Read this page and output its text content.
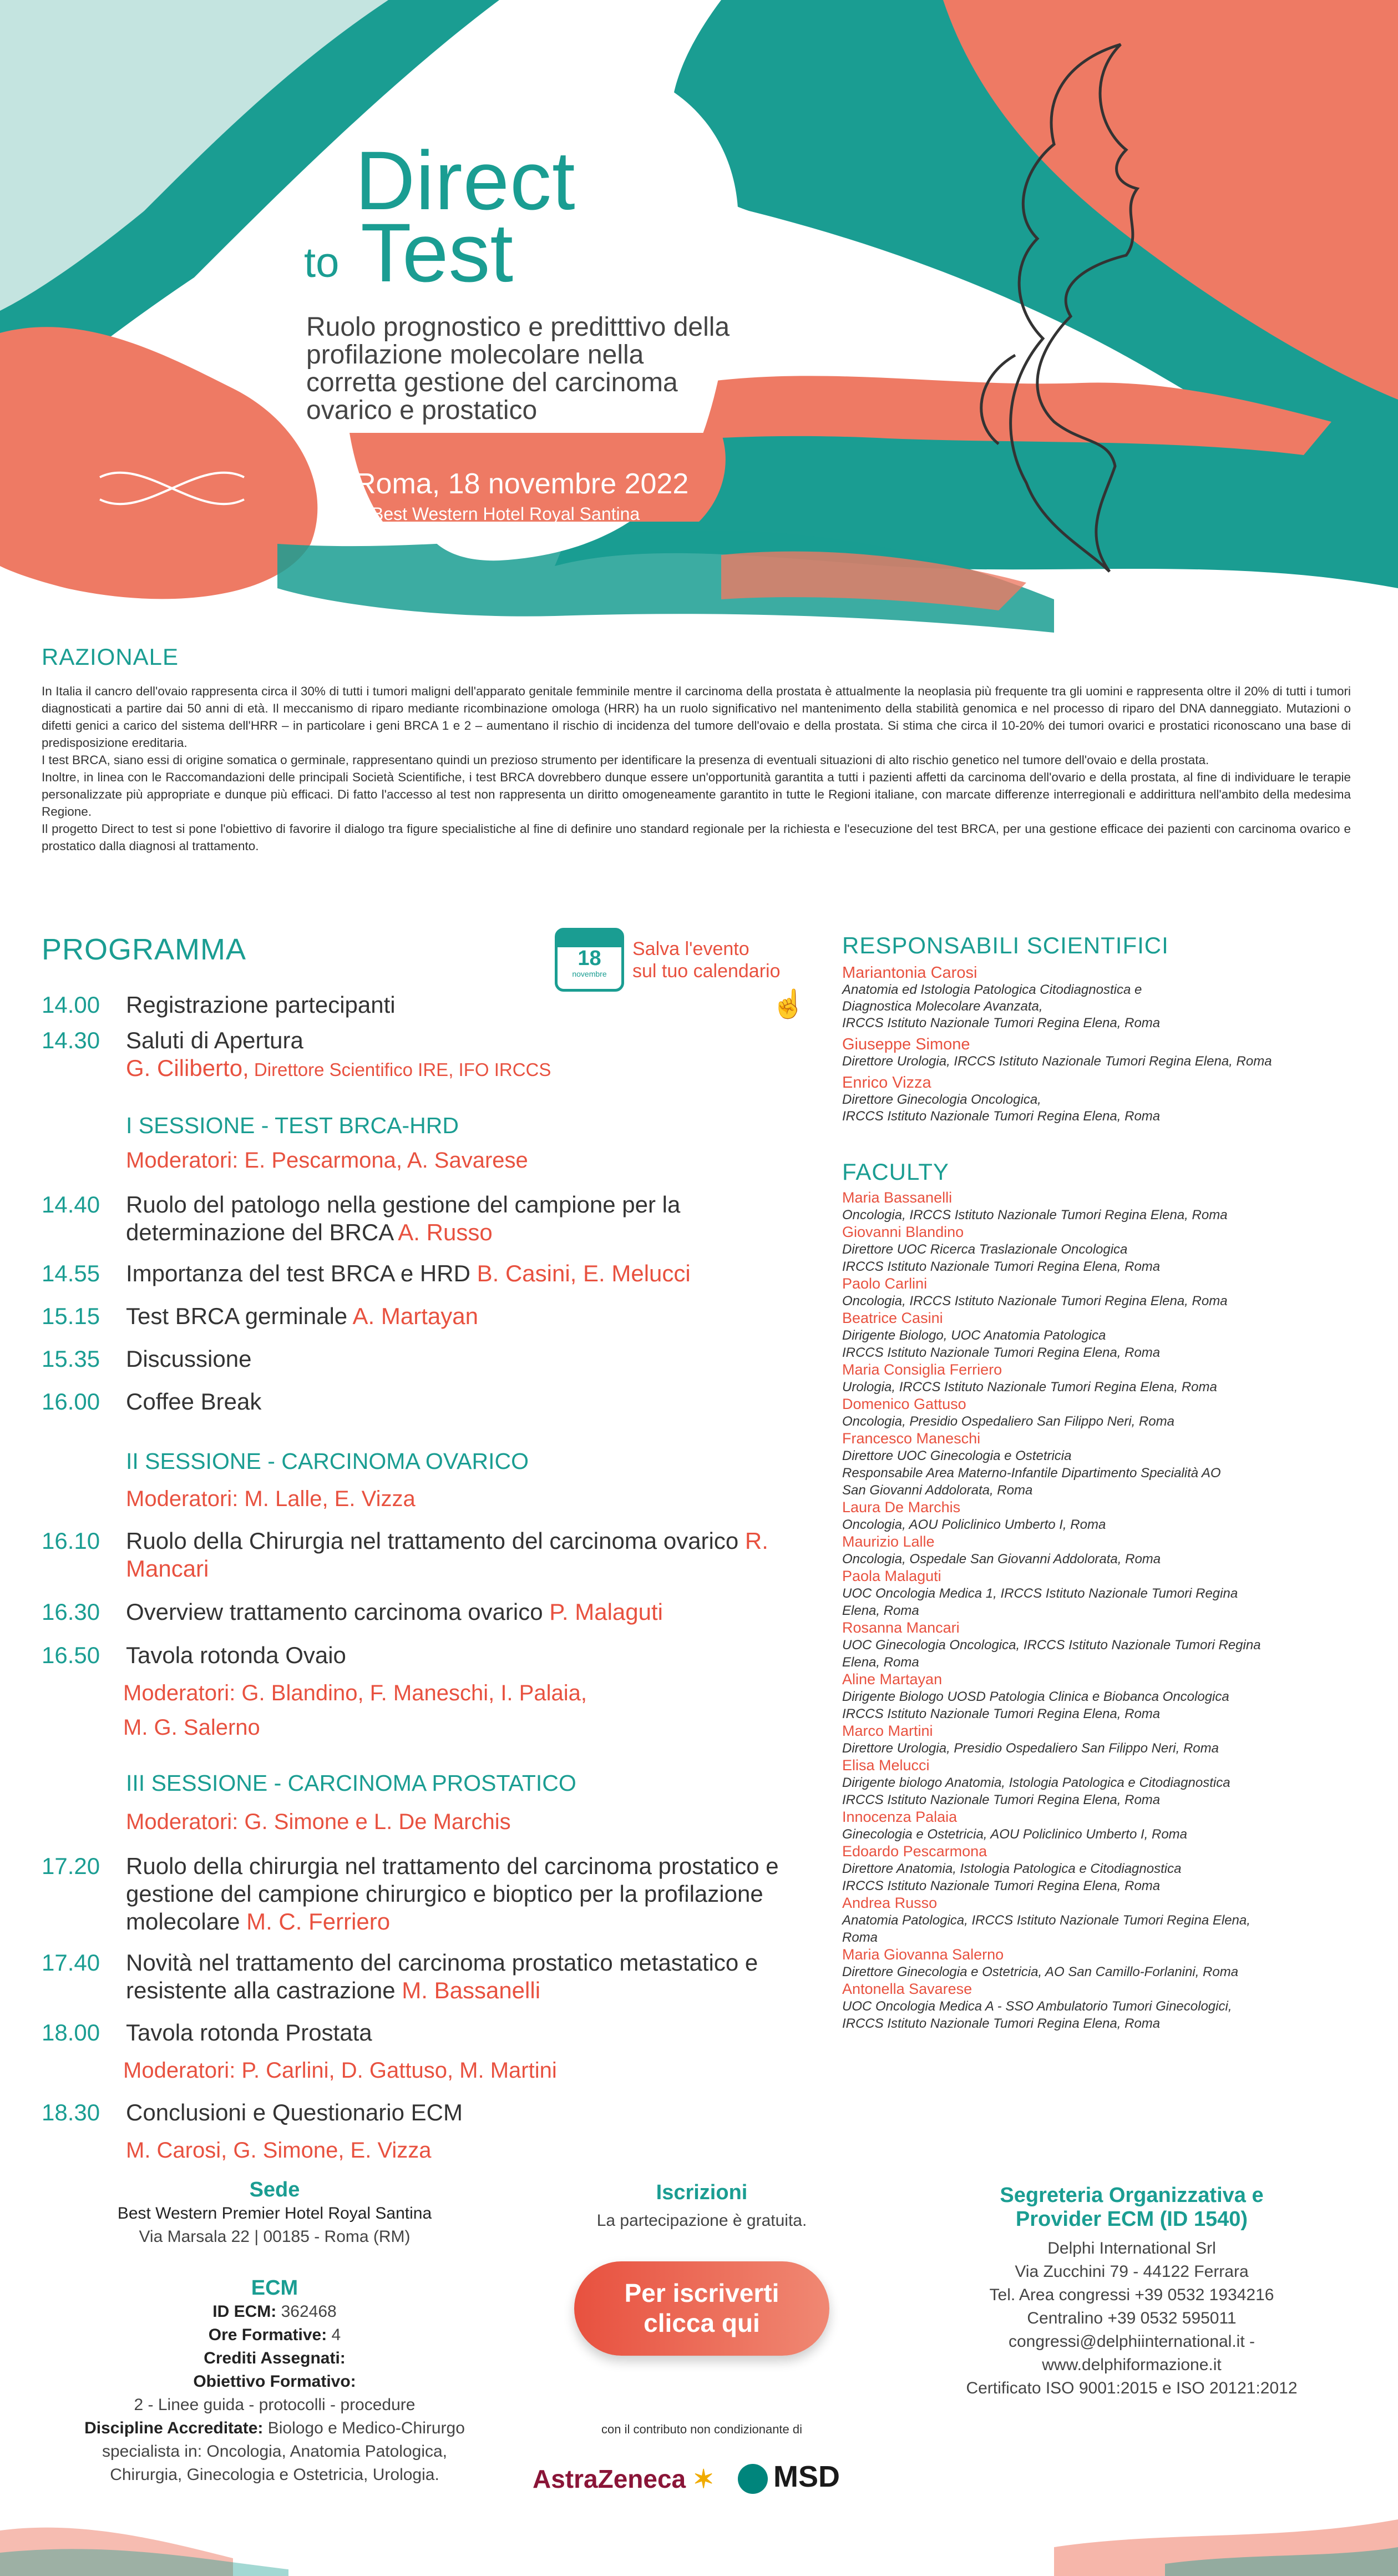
Direct
to Test
Ruolo prognostico e preditttivo della
profilazione molecolare nella
corretta gestione del carcinoma
ovarico e prostatico
Roma, 18 novembre 2022
Best Western Hotel Royal Santina
RAZIONALE

In Italia il cancro dell'ovaio rappresenta circa il 30% di tutti i tumori maligni dell'apparato genitale femminile mentre il carcinoma della prostata è attualmente la neoplasia più frequente tra gli uomini e rappresenta oltre il 20% di tutti i tumori diagnosticati a partire dai 50 anni di età. Il meccanismo di riparo mediante ricombinazione omologa (HRR) ha un ruolo significativo nel mantenimento della stabilità genomica e nel processo di riparo del DNA danneggiato. Mutazioni o difetti genici a carico del sistema dell'HRR – in particolare i geni BRCA 1 e 2 – aumentano il rischio di incidenza del tumore dell'ovaio e della prostata. Si stima che circa il 10-20% dei tumori ovarici e prostatici riconoscano una base di predisposizione ereditaria.

I test BRCA, siano essi di origine somatica o germinale, rappresentano quindi un prezioso strumento per identificare la presenza di eventuali situazioni di alto rischio genetico nel tumore dell'ovaio e della prostata.

Inoltre, in linea con le Raccomandazioni delle principali Società Scientifiche, i test BRCA dovrebbero dunque essere un'opportunità garantita a tutti i pazienti affetti da carcinoma dell'ovario e della prostata, al fine di individuare le terapie personalizzate più appropriate e dunque più efficaci. Di fatto l'accesso al test non rappresenta un diritto omogeneamente garantito in tutte le Regioni italiane, con marcate differenze interregionali e addirittura nell'ambito della medesima Regione.

Il progetto Direct to test si pone l'obiettivo di favorire il dialogo tra figure specialistiche al fine di definire uno standard regionale per la richiesta e l'esecuzione del test BRCA, per una gestione efficace dei pazienti con carcinoma ovarico e prostatico dalla diagnosi al trattamento.

PROGRAMMA	18
novembre
Salva l'evento
sul tuo calendario
☝
14.00	Registrazione partecipanti
14.30	Saluti di Apertura
G. Ciliberto, Direttore Scientifico IRE, IFO IRCCS
I SESSIONE - TEST BRCA-HRD
Moderatori: E. Pescarmona, A. Savarese
14.40	Ruolo del patologo nella gestione del campione per la determinazione del BRCA A. Russo
14.55	Importanza del test BRCA e HRD B. Casini, E. Melucci
15.15	Test BRCA germinale A. Martayan
15.35	Discussione
16.00	Coffee Break
II SESSIONE - CARCINOMA OVARICO
Moderatori: M. Lalle, E. Vizza
16.10	Ruolo della Chirurgia nel trattamento del carcinoma ovarico R. Mancari
16.30	Overview trattamento carcinoma ovarico P. Malaguti
16.50	Tavola rotonda Ovaio
Moderatori: G. Blandino, F. Maneschi, I. Palaia,
M. G. Salerno
III SESSIONE - CARCINOMA PROSTATICO
Moderatori: G. Simone e L. De Marchis
17.20	Ruolo della chirurgia nel trattamento del carcinoma prostatico e gestione del campione chirurgico e bioptico per la profilazione molecolare M. C. Ferriero
17.40	Novità nel trattamento del carcinoma prostatico metastatico e resistente alla castrazione M. Bassanelli
18.00	Tavola rotonda Prostata
Moderatori: P. Carlini, D. Gattuso, M. Martini
18.30	Conclusioni e Questionario ECM
M. Carosi, G. Simone, E. Vizza
RESPONSABILI SCIENTIFICI
Mariantonia Carosi
Anatomia ed Istologia Patologica Citodiagnostica e
Diagnostica Molecolare Avanzata,
IRCCS Istituto Nazionale Tumori Regina Elena, Roma
Giuseppe Simone
Direttore Urologia, IRCCS Istituto Nazionale Tumori Regina Elena, Roma
Enrico Vizza
Direttore Ginecologia Oncologica,
IRCCS Istituto Nazionale Tumori Regina Elena, Roma
FACULTY
Maria Bassanelli
Oncologia, IRCCS Istituto Nazionale Tumori Regina Elena, Roma
Giovanni Blandino
Direttore UOC Ricerca Traslazionale Oncologica
IRCCS Istituto Nazionale Tumori Regina Elena, Roma
Paolo Carlini
Oncologia, IRCCS Istituto Nazionale Tumori Regina Elena, Roma
Beatrice Casini
Dirigente Biologo, UOC Anatomia Patologica
IRCCS Istituto Nazionale Tumori Regina Elena, Roma
Maria Consiglia Ferriero
Urologia, IRCCS Istituto Nazionale Tumori Regina Elena, Roma
Domenico Gattuso
Oncologia, Presidio Ospedaliero San Filippo Neri, Roma
Francesco Maneschi
Direttore UOC Ginecologia e Ostetricia
Responsabile Area Materno-Infantile Dipartimento Specialità AO
San Giovanni Addolorata, Roma
Laura De Marchis
Oncologia, AOU Policlinico Umberto I, Roma
Maurizio Lalle
Oncologia, Ospedale San Giovanni Addolorata, Roma
Paola Malaguti
UOC Oncologia Medica 1, IRCCS Istituto Nazionale Tumori Regina
Elena, Roma
Rosanna Mancari
UOC Ginecologia Oncologica, IRCCS Istituto Nazionale Tumori Regina
Elena, Roma
Aline Martayan
Dirigente Biologo UOSD Patologia Clinica e Biobanca Oncologica
IRCCS Istituto Nazionale Tumori Regina Elena, Roma
Marco Martini
Direttore Urologia, Presidio Ospedaliero San Filippo Neri, Roma
Elisa Melucci
Dirigente biologo Anatomia, Istologia Patologica e Citodiagnostica
IRCCS Istituto Nazionale Tumori Regina Elena, Roma
Innocenza Palaia
Ginecologia e Ostetricia, AOU Policlinico Umberto I, Roma
Edoardo Pescarmona
Direttore Anatomia, Istologia Patologica e Citodiagnostica
IRCCS Istituto Nazionale Tumori Regina Elena, Roma
Andrea Russo
Anatomia Patologica, IRCCS Istituto Nazionale Tumori Regina Elena,
Roma
Maria Giovanna Salerno
Direttore Ginecologia e Ostetricia, AO San Camillo-Forlanini, Roma
Antonella Savarese
UOC Oncologia Medica A - SSO Ambulatorio Tumori Ginecologici,
IRCCS Istituto Nazionale Tumori Regina Elena, Roma
Sede
Best Western Premier Hotel Royal Santina
Via Marsala 22 | 00185 - Roma (RM)
ECM
ID ECM: 362468
Ore Formative: 4
Crediti Assegnati:
Obiettivo Formativo:
2 - Linee guida - protocolli - procedure
Discipline Accreditate: Biologo e Medico-Chirurgo
specialista in: Oncologia, Anatomia Patologica,
Chirurgia, Ginecologia e Ostetricia, Urologia.
Iscrizioni
La partecipazione è gratuita.
Per iscriverti
clicca qui
con il contributo non condizionante di
AstraZeneca ✶	MSD
Segreteria Organizzativa e
Provider ECM (ID 1540)
Delphi International Srl
Via Zucchini 79 - 44122 Ferrara
Tel. Area congressi +39 0532 1934216
Centralino +39 0532 595011
congressi@delphiinternational.it -
www.delphiformazione.it
Certificato ISO 9001:2015 e ISO 20121:2012
